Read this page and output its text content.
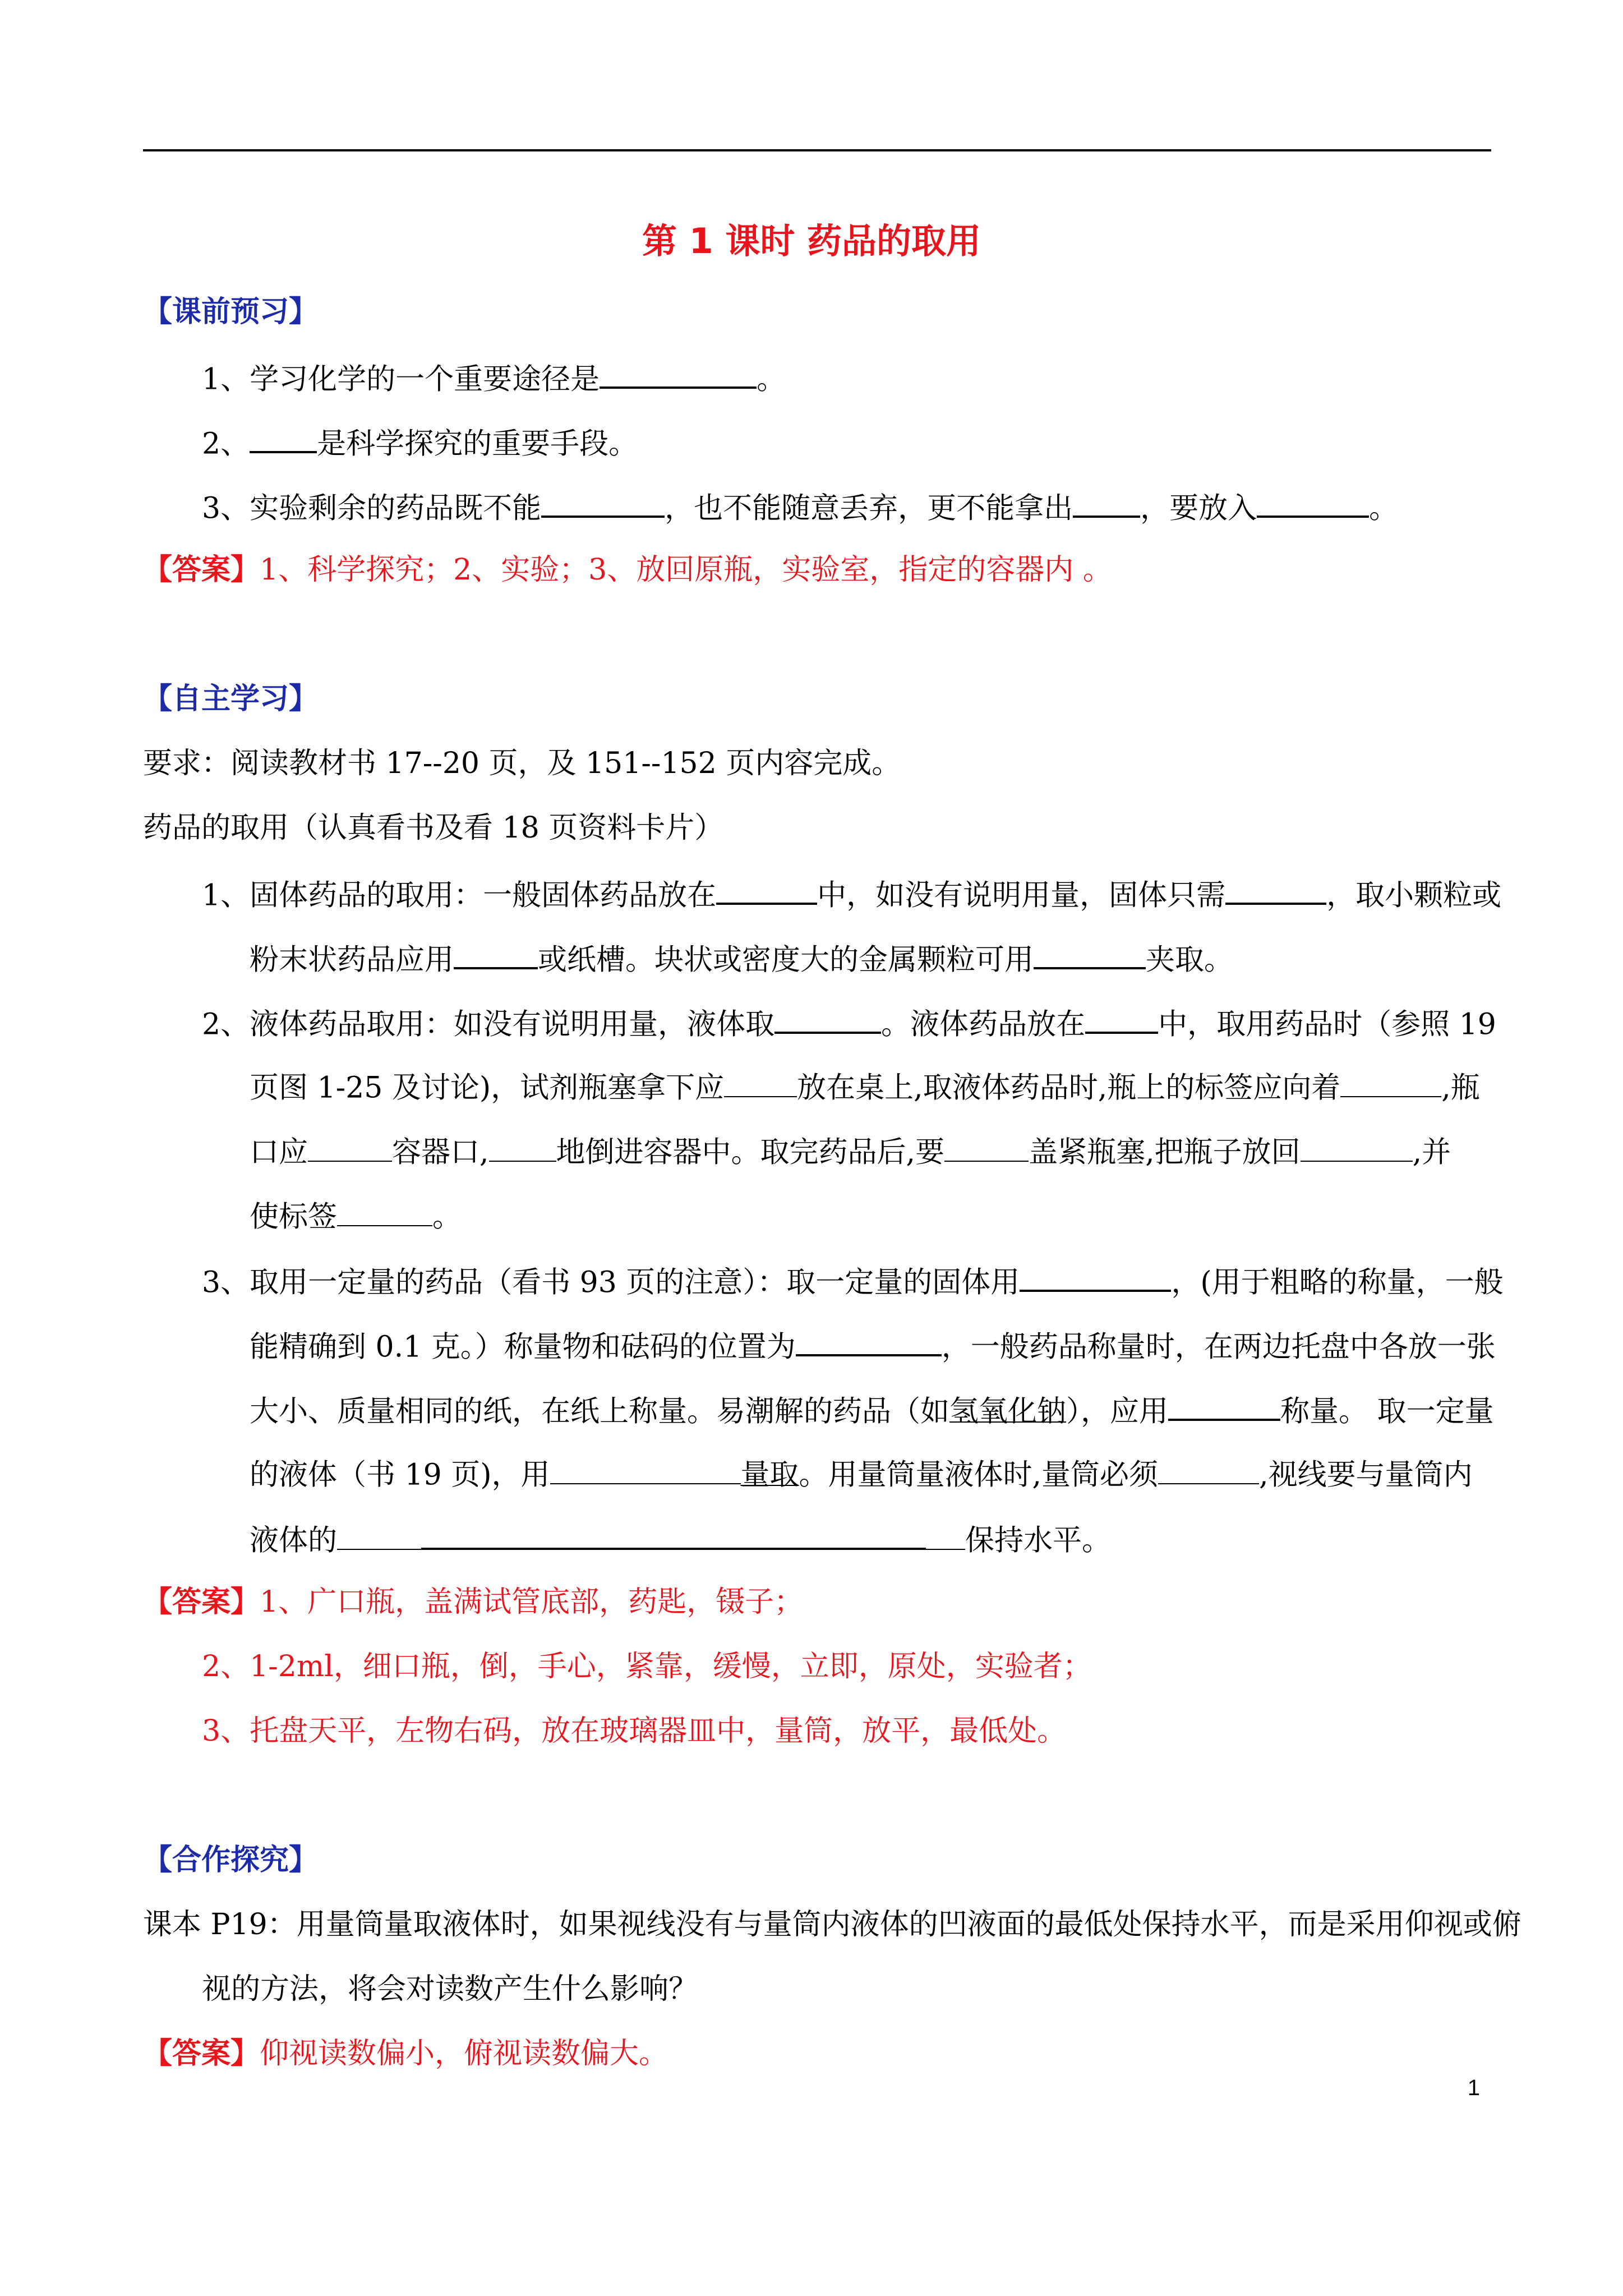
第 1 课时 药品的取用
【课前预习】
1、学习化学的一个重要途径是	。
2、 是科学探究的重要手段。
3、实验剩余的药品既不能	，也不能随意丢弃，更不能拿出 ，要放入	。
【答案】1、科学探究；2、实验；3、放回原瓶，实验室，指定的容器内 。
【自主学习】
要求：阅读教材书 17--20 页，及 151--152 页内容完成。
药品的取用（认真看书及看 18 页资料卡片）
1、固体药品的取用：一般固体药品放在	中，如没有说明用量，固体只需	，取小颗粒或
粉末状药品应用	或纸槽。块状或密度大的金属颗粒可用	夹取。
2、液体药品取用：如没有说明用量，液体取	。液体药品放在	中，取用药品时（参照 19
页图 1-25 及讨论)，试剂瓶塞拿下应	放在桌上,取液体药品时,瓶上的标签应向着	,瓶
口应	容器口, 地倒进容器中。取完药品后,要	盖紧瓶塞,把瓶子放回	,并
使标签	。
3、取用一定量的药品（看书 93 页的注意）：取一定量的固体用	，(用于粗略的称量，一般
能精确到 0.1 克。）称量物和砝码的位置为	，一般药品称量时，在两边托盘中各放一张
大小、质量相同的纸，在纸上称量。易潮解的药品（如氢氧化钠），应用	称量。 取一定量
的液体（书 19 页)，用	量取。用量筒量液体时,量筒必须	,视线要与量筒内
液体的	保持水平。
【答案】1、广口瓶，盖满试管底部，药匙，镊子；
2、1-2ml，细口瓶，倒，手心，紧靠，缓慢，立即，原处，实验者；
3、托盘天平，左物右码，放在玻璃器皿中，量筒，放平，最低处。
【合作探究】
课本 P19：用量筒量取液体时，如果视线没有与量筒内液体的凹液面的最低处保持水平，而是采用仰视或俯
视的方法，将会对读数产生什么影响？
【答案】仰视读数偏小，俯视读数偏大。
1
